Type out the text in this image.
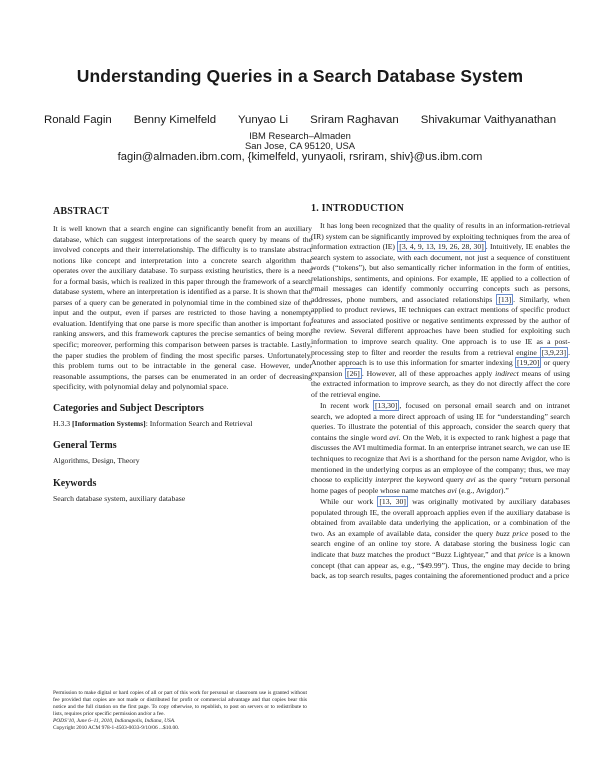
Understanding Queries in a Search Database System
Ronald Fagin Benny Kimelfeld Yunyao Li Sriram Raghavan Shivakumar Vaithyanathan
IBM Research–Almaden
San Jose, CA 95120, USA
fagin@almaden.ibm.com, {kimelfeld, yunyaoli, rsriram, shiv}@us.ibm.com
ABSTRACT

It is well known that a search engine can significantly benefit from an auxiliary database, which can suggest interpretations of the search query by means of the involved concepts and their interrelationship. The difficulty is to translate abstract notions like concept and interpretation into a concrete search algorithm that operates over the auxiliary database. To surpass existing heuristics, there is a need for a formal basis, which is realized in this paper through the framework of a search database system, where an interpretation is identified as a parse. It is shown that the parses of a query can be generated in polynomial time in the combined size of the input and the output, even if parses are restricted to those having a nonempty evaluation. Identifying that one parse is more specific than another is important for ranking answers, and this framework captures the precise semantics of being more specific; moreover, performing this comparison between parses is tractable. Lastly, the paper studies the problem of finding the most specific parses. Unfortunately, this problem turns out to be intractable in the general case. However, under reasonable assumptions, the parses can be enumerated in an order of decreasing specificity, with polynomial delay and polynomial space.

Categories and Subject Descriptors

H.3.3 [Information Systems]: Information Search and Retrieval

General Terms

Algorithms, Design, Theory

Keywords

Search database system, auxiliary database

Permission to make digital or hard copies of all or part of this work for personal or classroom use is granted without fee provided that copies are not made or distributed for profit or commercial advantage and that copies bear this notice and the full citation on the first page. To copy otherwise, to republish, to post on servers or to redistribute to lists, requires prior specific permission and/or a fee.
PODS’10, June 6–11, 2010, Indianapolis, Indiana, USA.
Copyright 2010 ACM 978-1-4503-0033-9/10/06 ...$10.00.
1. INTRODUCTION

It has long been recognized that the quality of results in an information-retrieval (IR) system can be significantly improved by exploiting techniques from the area of information extraction (IE) [3, 4, 9, 13, 19, 26, 28, 30] . Intuitively, IE enables the search system to associate, with each document, not just a sequence of constituent words (“tokens”), but also semantically richer information in the form of entities, relationships, sentiments, and opinions. For example, IE applied to a collection of email messages can identify commonly occurring concepts such as persons, addresses, phone numbers, and associated relationships [13] . Similarly, when applied to product reviews, IE techniques can extract mentions of specific product features and associated positive or negative sentiments expressed by the author of the review. Several different approaches have been studied for exploiting such information to improve search quality. One approach is to use IE as a post-processing step to filter and reorder the results from a retrieval engine [3,9,23] . Another approach is to use this information for smarter indexing [19,20] or query expansion [26] . However, all of these approaches apply indirect means of using the extracted information to improve search, as they do not directly affect the core of the retrieval engine.

In recent work [13,30] , focused on personal email search and on intranet search, we adopted a more direct approach of using IE for “understanding” search queries. To illustrate the potential of this approach, consider the search query that contains the single word avi. On the Web, it is expected to rank highest a page that discusses the AVI multimedia format. In an enterprise intranet search, we can use IE techniques to recognize that Avi is a shorthand for the person name Avigdor, who is mentioned in the underlying corpus as an employee of the company; thus, we may choose to explicitly interpret the keyword query avi as the query “return personal home pages of people whose name matches avi (e.g., Avigdor).”

While our work [13, 30] was originally motivated by auxiliary databases populated through IE, the overall approach applies even if the auxiliary database is obtained from available data underlying the application, or a combination of the two. As an example of available data, consider the query buzz price posed to the search engine of an online toy store. A database storing the business logic can indicate that buzz matches the product “Buzz Lightyear,” and that price is a known concept (that can appear as, e.g., “$49.99”). Thus, the engine may decide to bring back, as top search results, pages containing the aforementioned product and a price
